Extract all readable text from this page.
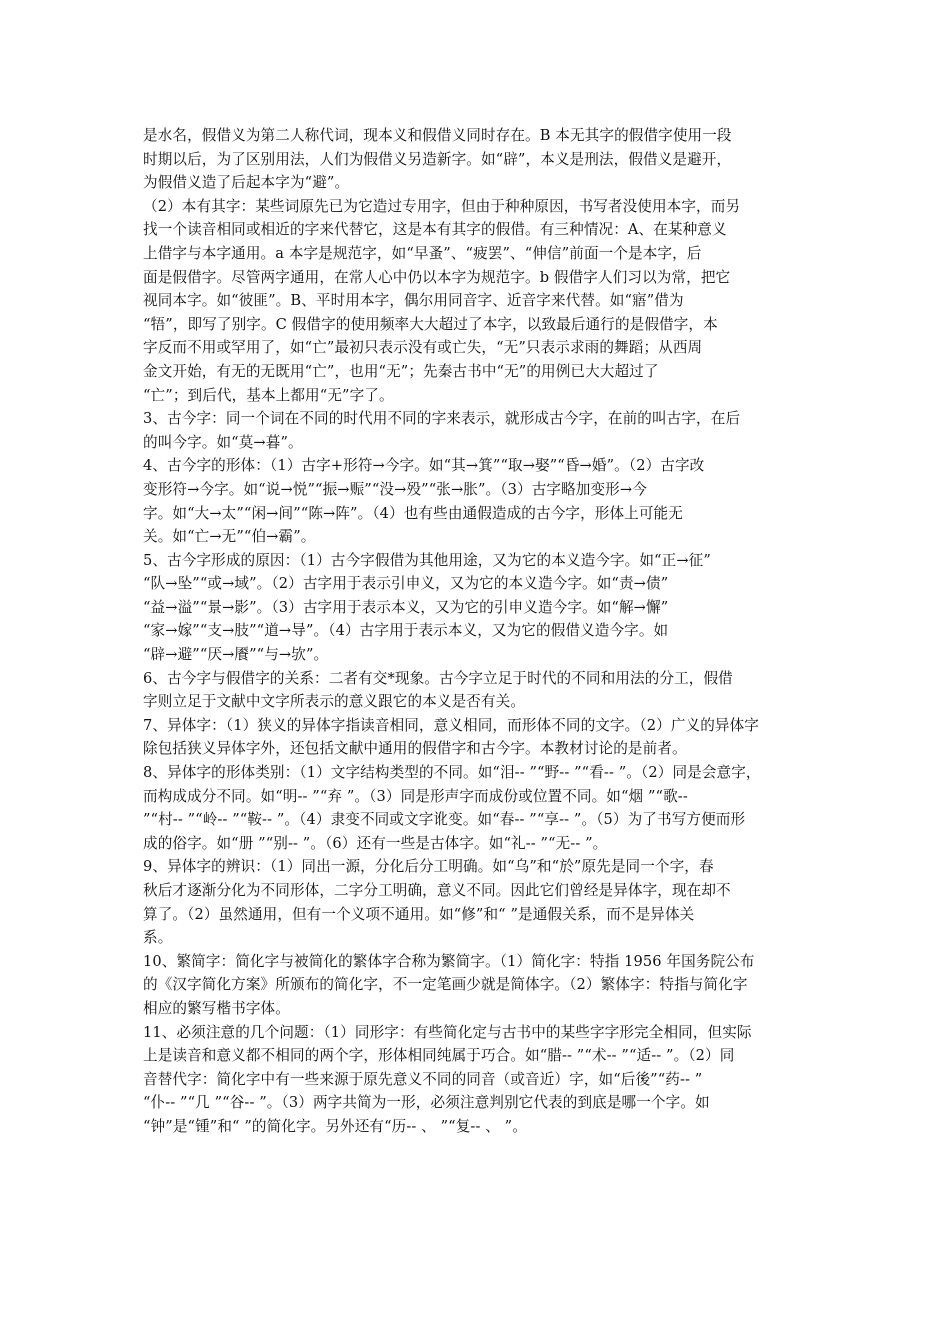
是水名，假借义为第二人称代词，现本义和假借义同时存在。B 本无其字的假借字使用一段
时期以后，为了区别用法，人们为假借义另造新字。如“辟”，本义是刑法，假借义是避开，
为假借义造了后起本字为“避”。
（2）本有其字：某些词原先已为它造过专用字，但由于种种原因，书写者没使用本字，而另
找一个读音相同或相近的字来代替它，这是本有其字的假借。有三种情况：A、在某种意义
上借字与本字通用。a 本字是规范字，如“早蚤”、“疲罢”、“伸信”前面一个是本字，后
面是假借字。尽管两字通用，在常人心中仍以本字为规范字。b 假借字人们习以为常，把它
视同本字。如“彼匪”。B、平时用本字，偶尔用同音字、近音字来代替。如“寤”借为
“牾”，即写了别字。C 假借字的使用频率大大超过了本字，以致最后通行的是假借字，本
字反而不用或罕用了，如“亡”最初只表示没有或亡失，“无”只表示求雨的舞蹈；从西周
金文开始，有无的无既用“亡”，也用“无”；先秦古书中“无”的用例已大大超过了
“亡”；到后代，基本上都用“无”字了。
3、古今字：同一个词在不同的时代用不同的字来表示，就形成古今字，在前的叫古字，在后
的叫今字。如“莫→暮”。
4、古今字的形体：（1）古字+形符→今字。如“其→箕”“取→娶”“昏→婚”。（2）古字改
变形符→今字。如“说→悦”“振→赈”“没→殁”“张→胀”。（3）古字略加变形→今
字。如“大→太”“闲→间”“陈→阵”。（4）也有些由通假造成的古今字，形体上可能无
关。如“亡→无”“伯→霸”。
5、古今字形成的原因：（1）古今字假借为其他用途，又为它的本义造今字。如“正→征”
“队→坠”“或→域”。（2）古字用于表示引申义，又为它的本义造今字。如“责→债”
“益→溢”“景→影”。（3）古字用于表示本义，又为它的引申义造今字。如“解→懈”
“家→嫁”“支→肢”“道→导”。（4）古字用于表示本义，又为它的假借义造今字。如
“辟→避”“厌→餍”“与→欤”。
6、古今字与假借字的关系：二者有交*现象。古今字立足于时代的不同和用法的分工，假借
字则立足于文献中文字所表示的意义跟它的本义是否有关。
7、异体字：（1）狭义的异体字指读音相同，意义相同，而形体不同的文字。（2）广义的异体字
除包括狭义异体字外，还包括文献中通用的假借字和古今字。本教材讨论的是前者。
8、异体字的形体类别：（1）文字结构类型的不同。如“泪-- ”“野-- ”“看-- ”。（2）同是会意字，
而构成成分不同。如“明-- ”“弃 ”。（3）同是形声字而成份或位置不同。如“烟 ”“歌--
”“村-- ”“岭-- ”“鞍-- ”。（4）隶变不同或文字讹变。如“春-- ”“享-- ”。（5）为了书写方便而形
成的俗字。如“册 ”“别-- ”。（6）还有一些是古体字。如“礼-- ”“无-- ”。
9、异体字的辨识：（1）同出一源，分化后分工明确。如“乌”和“於”原先是同一个字，春
秋后才逐渐分化为不同形体，二字分工明确，意义不同。因此它们曾经是异体字，现在却不
算了。（2）虽然通用，但有一个义项不通用。如“修”和“ ”是通假关系，而不是异体关
系。
10、繁简字：简化字与被简化的繁体字合称为繁简字。（1）简化字：特指 1956 年国务院公布
的《汉字简化方案》所颁布的简化字，不一定笔画少就是简体字。（2）繁体字：特指与简化字
相应的繁写楷书字体。
11、必须注意的几个问题：（1）同形字：有些简化定与古书中的某些字字形完全相同，但实际
上是读音和意义都不相同的两个字，形体相同纯属于巧合。如“腊-- ”“术-- ”“适-- ”。（2）同
音替代字：简化字中有一些来源于原先意义不同的同音（或音近）字，如“后後”“药-- ”
“仆-- ”“几 ”“谷-- ”。（3）两字共简为一形，必须注意判别它代表的到底是哪一个字。如
“钟”是“锺”和“ ”的简化字。另外还有“历-- 、 ”“复-- 、 ”。
